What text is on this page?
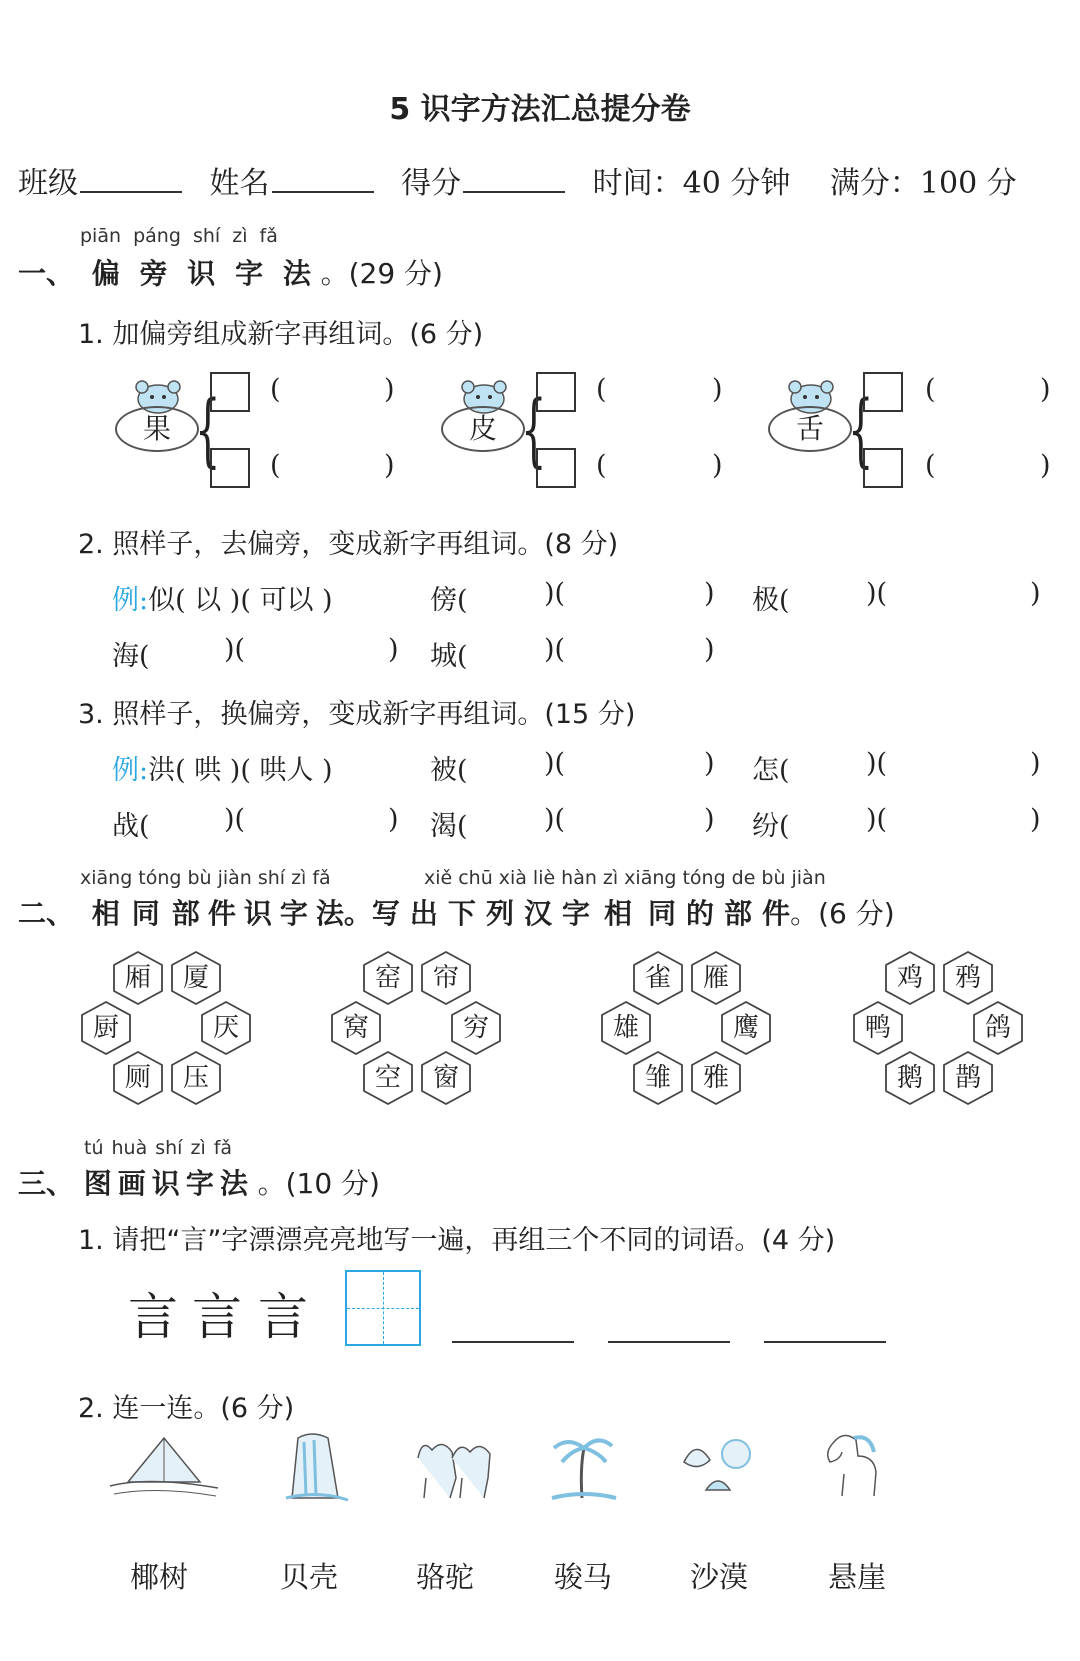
5 识字方法汇总提分卷
班级	姓名	得分	时间：40 分钟 满分：100 分
piān páng shí zì fǎ
一、 偏 旁 识 字 法 。(29 分)
1. 加偏旁组成新字再组词。(6 分)
果 { (	)
(	)
皮 { (	)
(	)
舌 { (	)
(	)
2. 照样子，去偏旁，变成新字再组词。(8 分)
例:似( 以 )( 可以 )	傍(	)(	) 极(	)(	)
海(	)(	) 城(	)(	)
3. 照样子，换偏旁，变成新字再组词。(15 分)
例:洪( 哄 )( 哄人 )	被(	)(	) 怎(	)(	)
战(	)(	) 渴(	)(	) 纷(	)(	)
xiāng tóng bù jiàn shí zì fǎ	xiě chū xià liè hàn zì xiāng tóng de bù jiàn
二、 相 同 部 件 识 字 法。写 出 下 列 汉 字 相 同 的 部 件。(6 分)
厢	厦
厨	厌
厕	压
窑	帘
窝	穷
空	窗
雀	雁
雄	鹰
雏	雅
鸡	鸦
鸭	鸽
鹅	鹊
tú huà shí zì fǎ
三、 图 画 识 字 法 。(10 分)
1. 请把“言”字漂漂亮亮地写一遍，再组三个不同的词语。(4 分)
言 言 言
2. 连一连。(6 分)
椰树	贝壳	骆驼	骏马	沙漠	悬崖
